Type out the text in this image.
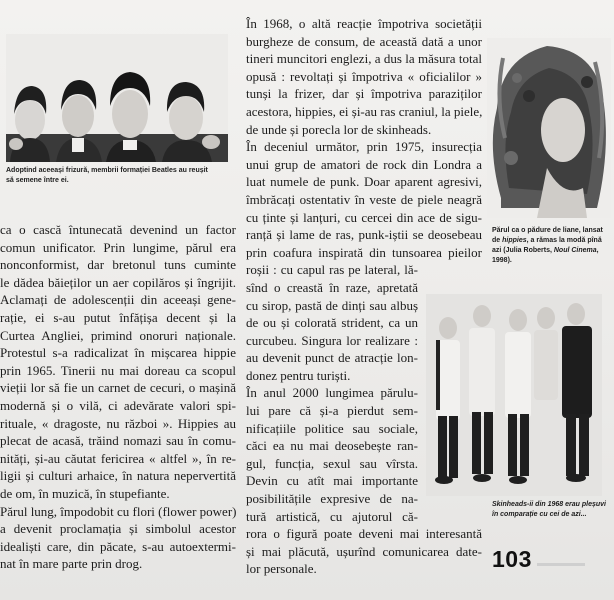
Adoptind aceeași frizură, membrii formației Beatles au reușit să semene între ei.

ca o cască întunecată devenind un factor
comun unificator. Prin lungime, părul era
nonconformist, dar bretonul tuns cuminte
le dădea băieților un aer copilăros și îngrijit.
Aclamați de adolescenții din aceeași gene-
rație, ei s-au putut înfățișa decent și la
Curtea Angliei, primind onoruri naționale.
Protestul s-a radicalizat în mișcarea hippie
prin 1965. Tinerii nu mai doreau ca scopul
vieții lor să fie un carnet de cecuri, o mașină
modernă și o vilă, ci adevărate valori spi-
rituale, « dragoste, nu război ». Hippies au
plecat de acasă, trăind nomazi sau în comu-
nități, și-au căutat fericirea « altfel », în re-
ligii și culturi arhaice, în natura nepervertită
de om, în muzică, în stupefiante.
Părul lung, împodobit cu flori (flower power)
a devenit proclamația și simbolul acestor
idealiști care, din păcate, s-au autoextermi-
nat în mare parte prin drog.
În 1968, o altă reacție împotriva societății
burgheze de consum, de această dată a unor
tineri muncitori englezi, a dus la măsura total
opusă : revoltați și împotriva « oficialilor »
tunși la frizer, dar și împotriva paraziților
acestora, hippies, ei și-au ras craniul, la piele,
de unde și porecla lor de skinheads.
În deceniul următor, prin 1975, insurecția
unui grup de amatori de rock din Londra a
luat numele de punk. Doar aparent agresivi,
îmbrăcați ostentativ în veste de piele neagră
cu ținte și lanțuri, cu cercei din ace de sigu-
ranță și lame de ras, punk-iștii se deosebeau
prin coafura inspirată din tunsoarea pieilor
roșii : cu capul ras pe lateral, lă-
sînd o creastă în raze, apretată
cu sirop, pastă de dinți sau albuș
de ou și colorată strident, ca un
curcubeu. Singura lor realizare :
au devenit punct de atracție lon-
donez pentru turiști.
În anul 2000 lungimea părulu-
lui pare că și-a pierdut sem-
nificațiile politice sau sociale,
căci ea nu mai deosebește ran-
gul, funcția, sexul sau vîrsta.
Devin cu atît mai importante
posibilitățile expresive de na-
tură artistică, cu ajutorul că-
rora o figură poate deveni mai interesantă
și mai plăcută, ușurînd comunicarea date-
lor personale.

Părul ca o pădure de liane, lansat de hippies, a rămas la modă pînă azi (Julia Roberts, Noul Cinema, 1998).

Skinheads-ii din 1968 erau pleșuvi în comparație cu cei de azi...

103
